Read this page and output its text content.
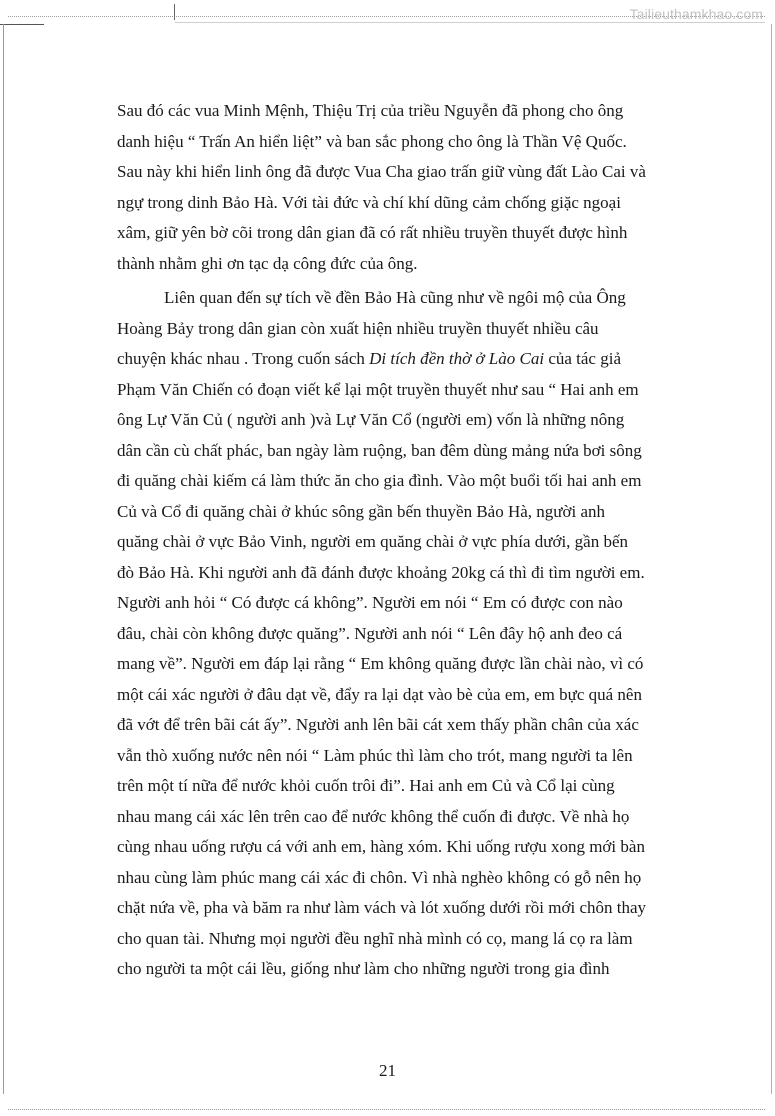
Tailieuthamkhao.com
Sau đó các vua Minh Mệnh, Thiệu Trị của triều Nguyễn đã phong cho ông
danh hiệu “ Trấn An hiển liệt” và ban sắc phong cho ông là Thần Vệ Quốc.
Sau này khi hiển linh ông đã được Vua Cha giao trấn giữ vùng đất Lào Cai và
ngự trong dinh Bảo Hà. Với tài đức và chí khí dũng cảm chống giặc ngoại
xâm, giữ yên bờ cõi trong dân gian đã có rất nhiều truyền thuyết được hình
thành nhằm ghi ơn tạc dạ công đức của ông.
Liên quan đến sự tích về đền Bảo Hà cũng như về ngôi mộ của Ông
Hoàng Bảy trong dân gian còn xuất hiện nhiều truyền thuyết nhiều câu
chuyện khác nhau . Trong cuốn sách Di tích đền thờ ở Lào Cai của tác giả
Phạm Văn Chiến có đoạn viết kể lại một truyền thuyết như sau “ Hai anh em
ông Lự Văn Củ ( người anh )và Lự Văn Cổ (người em) vốn là những nông
dân cần cù chất phác, ban ngày làm ruộng, ban đêm dùng mảng nứa bơi sông
đi quăng chài kiếm cá làm thức ăn cho gia đình. Vào một buổi tối hai anh em
Củ và Cổ đi quăng chài ở khúc sông gần bến thuyền Bảo Hà, người anh
quăng chài ở vực Bảo Vinh, người em quăng chài ở vực phía dưới, gần bến
đò Bảo Hà. Khi người anh đã đánh được khoảng 20kg cá thì đi tìm người em.
Người anh hỏi “ Có được cá không”. Người em nói “ Em có được con nào
đâu, chài còn không được quăng”. Người anh nói “ Lên đây hộ anh đeo cá
mang về”. Người em đáp lại rằng “ Em không quăng được lần chài nào, vì có
một cái xác người ở đâu dạt về, đẩy ra lại dạt vào bè của em, em bực quá nên
đã vớt để trên bãi cát ấy”. Người anh lên bãi cát xem thấy phần chân của xác
vẫn thò xuống nước nên nói “ Làm phúc thì làm cho trót, mang người ta lên
trên một tí nữa để nước khỏi cuốn trôi đi”. Hai anh em Củ và Cổ lại cùng
nhau mang cái xác lên trên cao để nước không thể cuốn đi được. Về nhà họ
cùng nhau uống rượu cá với anh em, hàng xóm. Khi uống rượu xong mới bàn
nhau cùng làm phúc mang cái xác đi chôn. Vì nhà nghèo không có gỗ nên họ
chặt nứa về, pha và băm ra như làm vách và lót xuống dưới rồi mới chôn thay
cho quan tài. Nhưng mọi người đều nghĩ nhà mình có cọ, mang lá cọ ra làm
cho người ta một cái lều, giống như làm cho những người trong gia đình
21
